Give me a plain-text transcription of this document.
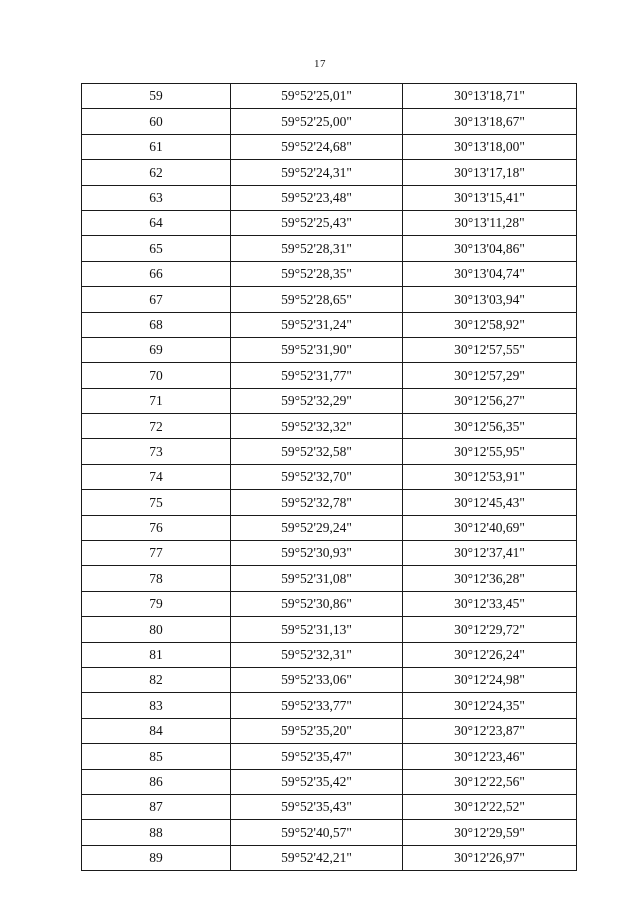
17
59	59°52'25,01"	30°13'18,71"
60	59°52'25,00"	30°13'18,67"
61	59°52'24,68"	30°13'18,00"
62	59°52'24,31"	30°13'17,18"
63	59°52'23,48"	30°13'15,41"
64	59°52'25,43"	30°13'11,28"
65	59°52'28,31"	30°13'04,86"
66	59°52'28,35"	30°13'04,74"
67	59°52'28,65"	30°13'03,94"
68	59°52'31,24"	30°12'58,92"
69	59°52'31,90"	30°12'57,55"
70	59°52'31,77"	30°12'57,29"
71	59°52'32,29"	30°12'56,27"
72	59°52'32,32"	30°12'56,35"
73	59°52'32,58"	30°12'55,95"
74	59°52'32,70"	30°12'53,91"
75	59°52'32,78"	30°12'45,43"
76	59°52'29,24"	30°12'40,69"
77	59°52'30,93"	30°12'37,41"
78	59°52'31,08"	30°12'36,28"
79	59°52'30,86"	30°12'33,45"
80	59°52'31,13"	30°12'29,72"
81	59°52'32,31"	30°12'26,24"
82	59°52'33,06"	30°12'24,98"
83	59°52'33,77"	30°12'24,35"
84	59°52'35,20"	30°12'23,87"
85	59°52'35,47"	30°12'23,46"
86	59°52'35,42"	30°12'22,56"
87	59°52'35,43"	30°12'22,52"
88	59°52'40,57"	30°12'29,59"
89	59°52'42,21"	30°12'26,97"
